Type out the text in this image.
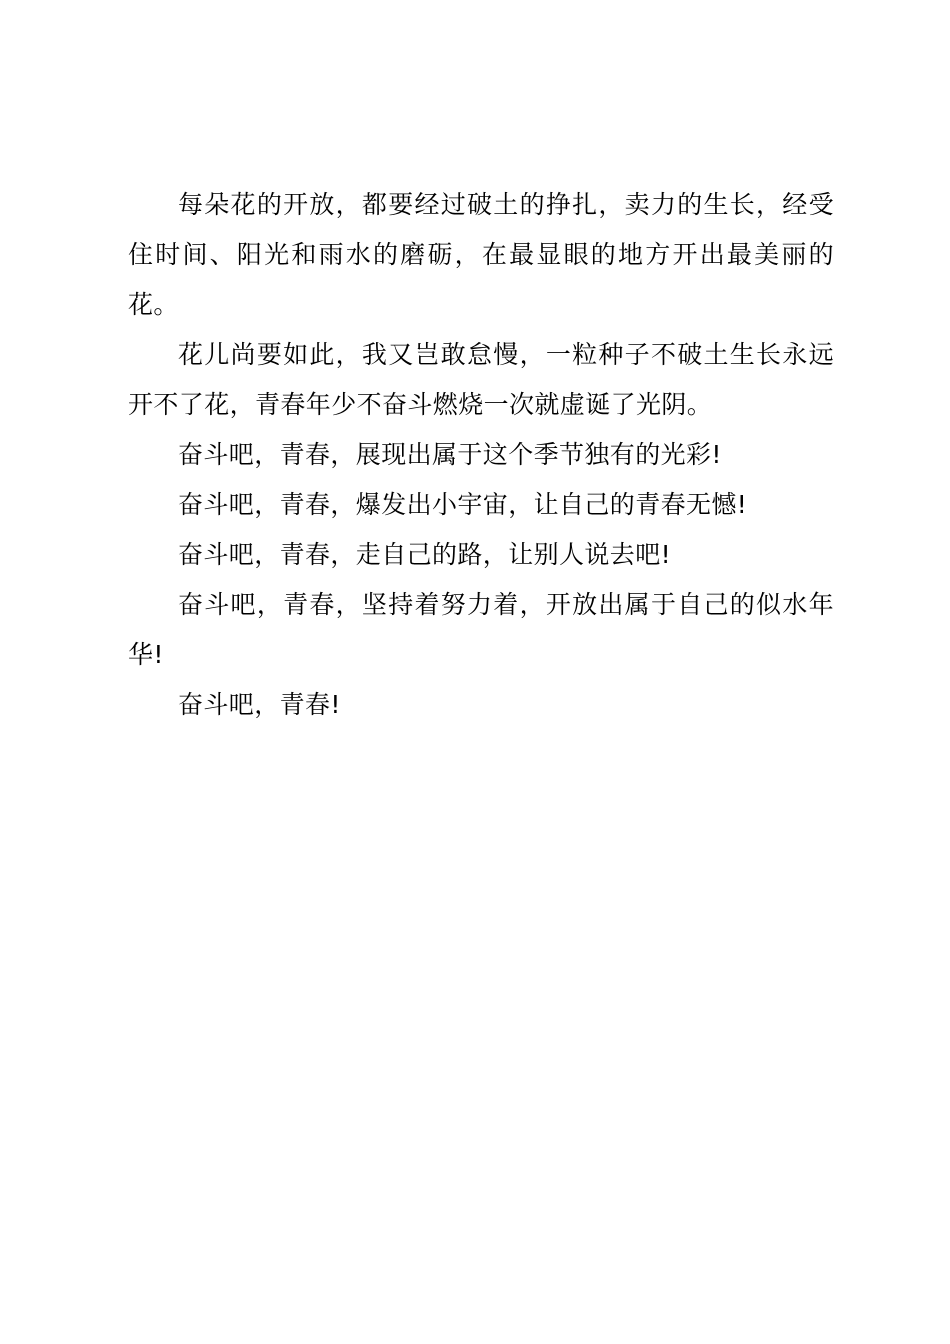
每朵花的开放，都要经过破土的挣扎，卖力的生长，经受住时间、阳光和雨水的磨砺，在最显眼的地方开出最美丽的花。

花儿尚要如此，我又岂敢怠慢，一粒种子不破土生长永远开不了花，青春年少不奋斗燃烧一次就虚诞了光阴。

奋斗吧，青春，展现出属于这个季节独有的光彩!

奋斗吧，青春，爆发出小宇宙，让自己的青春无憾!

奋斗吧，青春，走自己的路，让别人说去吧!

奋斗吧，青春，坚持着努力着，开放出属于自己的似水年华!

奋斗吧，青春!
